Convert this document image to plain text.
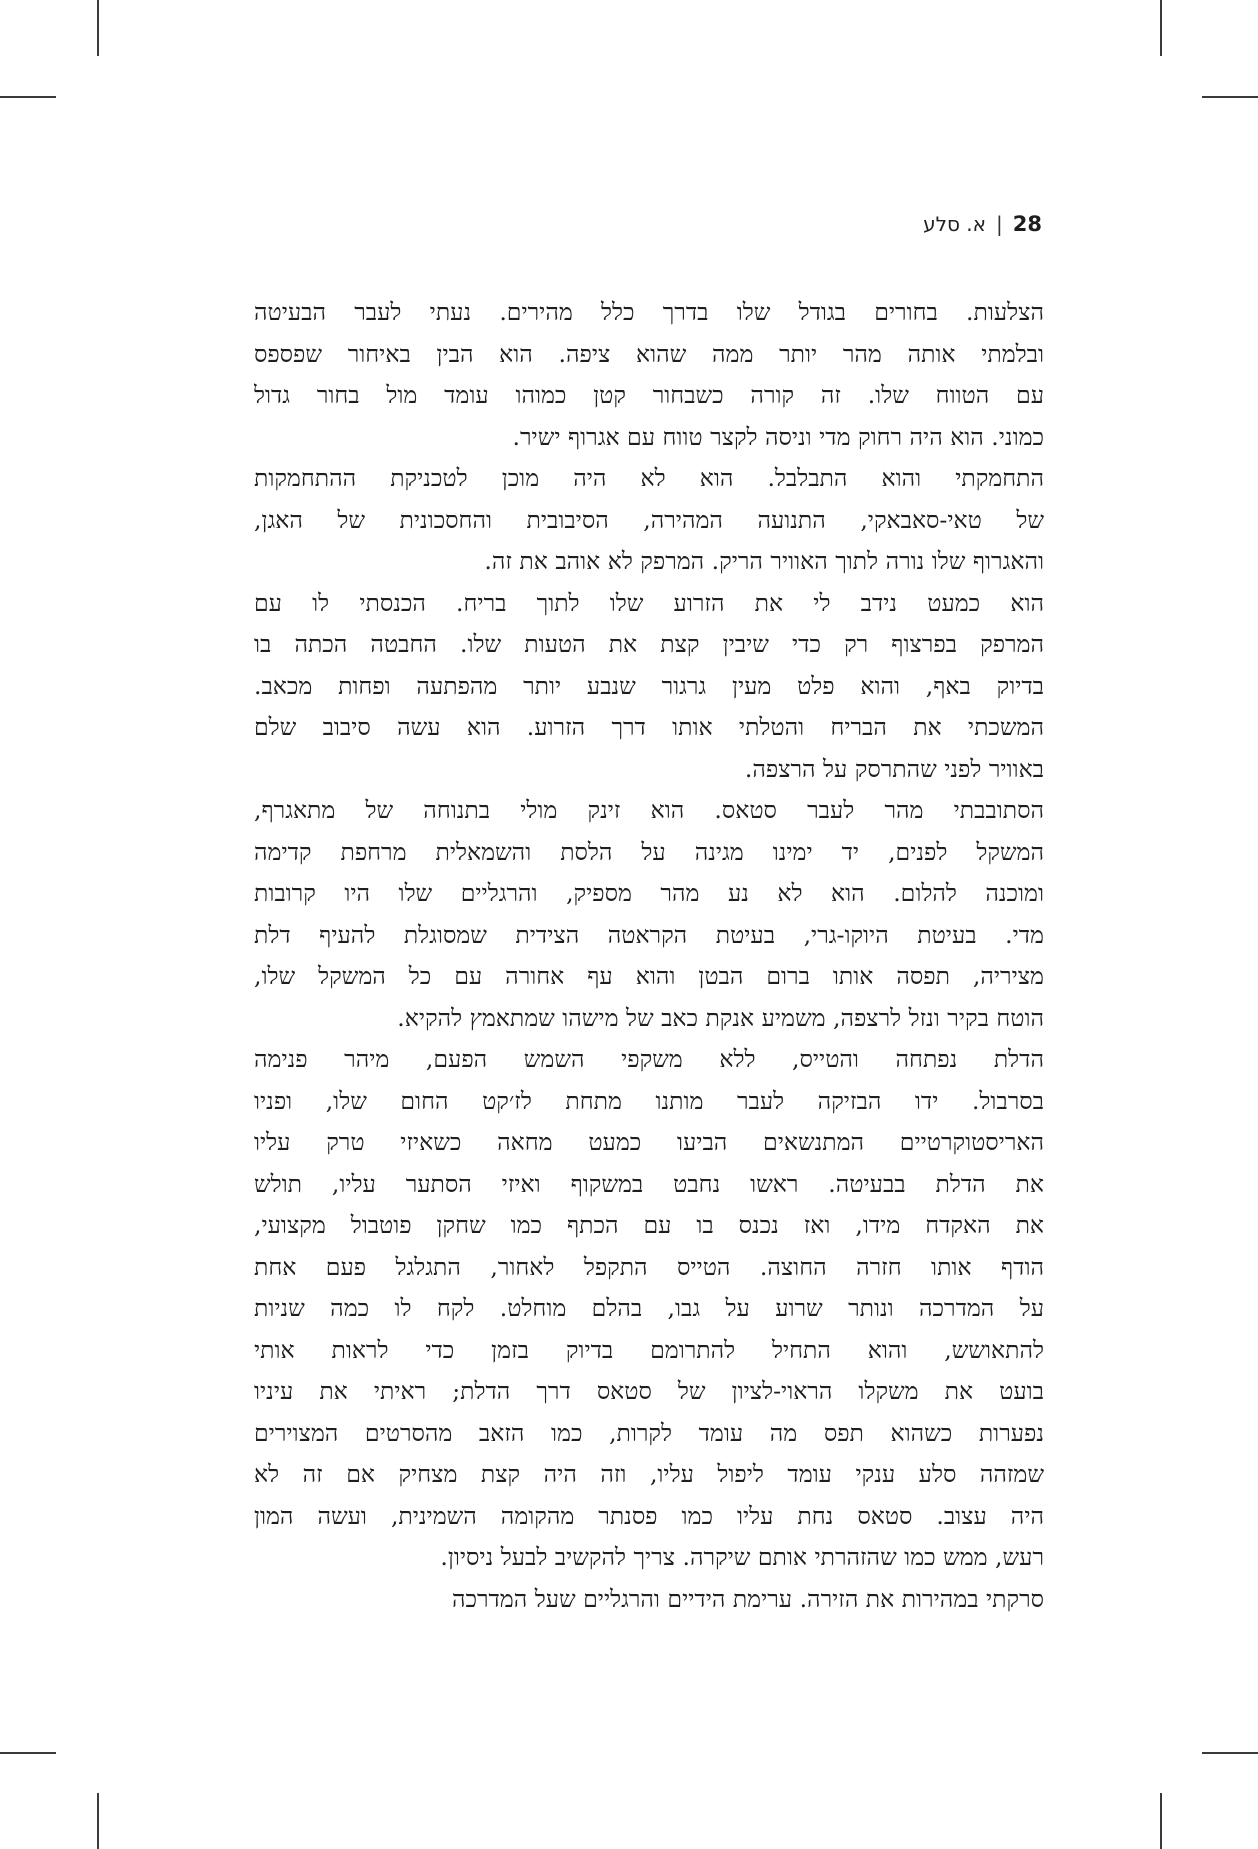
28
|
א. סלע
הצלעות. בחורים בגודל שלו בדרך כלל מהירים. נעתי לעבר הבעיטה
ובלמתי אותה מהר יותר ממה שהוא ציפה. הוא הבין באיחור שפספס
עם הטווח שלו. זה קורה כשבחור קטן כמוהו עומד מול בחור גדול
כמוני. הוא היה רחוק מדי וניסה לקצר טווח עם אגרוף ישיר.
התחמקתי והוא התבלבל. הוא לא היה מוכן לטכניקת ההתחמקות
של טאי-סאבאקי, התנועה המהירה, הסיבובית והחסכונית של האגן,
והאגרוף שלו נורה לתוך האוויר הריק. המרפק לא אוהב את זה.
הוא כמעט נידב לי את הזרוע שלו לתוך בריח. הכנסתי לו עם
המרפק בפרצוף רק כדי שיבין קצת את הטעות שלו. החבטה הכתה בו
בדיוק באף, והוא פלט מעין גרגור שנבע יותר מהפתעה ופחות מכאב.
המשכתי את הבריח והטלתי אותו דרך הזרוע. הוא עשה סיבוב שלם
באוויר לפני שהתרסק על הרצפה.
הסתובבתי מהר לעבר סטאס. הוא זינק מולי בתנוחה של מתאגרף,
המשקל לפנים, יד ימינו מגינה על הלסת והשמאלית מרחפת קדימה
ומוכנה להלום. הוא לא נע מהר מספיק, והרגליים שלו היו קרובות
מדי. בעיטת היוקו-גרי, בעיטת הקראטה הצידית שמסוגלת להעיף דלת
מציריה, תפסה אותו ברום הבטן והוא עף אחורה עם כל המשקל שלו,
הוטח בקיר ונזל לרצפה, משמיע אנקת כאב של מישהו שמתאמץ להקיא.
הדלת נפתחה והטייס, ללא משקפי השמש הפעם, מיהר פנימה
בסרבול. ידו הבזיקה לעבר מותנו מתחת לז׳קט החום שלו, ופניו
האריסטוקרטיים המתנשאים הביעו כמעט מחאה כשאיזי טרק עליו
את הדלת בבעיטה. ראשו נחבט במשקוף ואיזי הסתער עליו, תולש
את האקדח מידו, ואז נכנס בו עם הכתף כמו שחקן פוטבול מקצועי,
הודף אותו חזרה החוצה. הטייס התקפל לאחור, התגלגל פעם אחת
על המדרכה ונותר שרוע על גבו, בהלם מוחלט. לקח לו כמה שניות
להתאושש, והוא התחיל להתרומם בדיוק בזמן כדי לראות אותי
בועט את משקלו הראוי-לציון של סטאס דרך הדלת; ראיתי את עיניו
נפערות כשהוא תפס מה עומד לקרות, כמו הזאב מהסרטים המצוירים
שמזהה סלע ענקי עומד ליפול עליו, וזה היה קצת מצחיק אם זה לא
היה עצוב. סטאס נחת עליו כמו פסנתר מהקומה השמינית, ועשה המון
רעש, ממש כמו שהזהרתי אותם שיקרה. צריך להקשיב לבעל ניסיון.
סרקתי במהירות את הזירה. ערימת הידיים והרגליים שעל המדרכה
